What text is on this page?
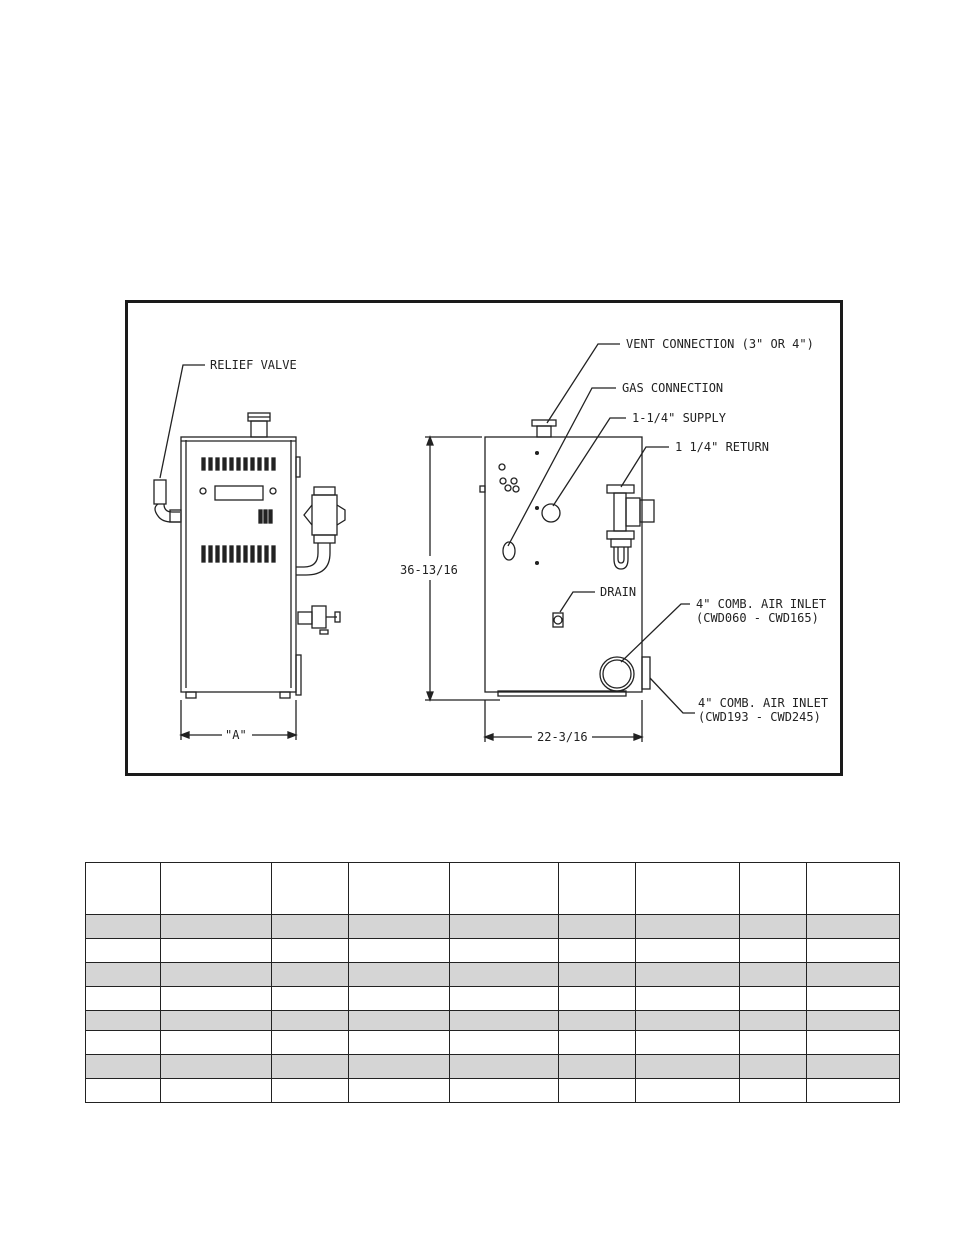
RELIEF VALVE
VENT CONNECTION (3" OR 4")
GAS CONNECTION
1-1/4" SUPPLY
1 1/4" RETURN
DRAIN
4" COMB. AIR INLET
(CWD060 - CWD165)
4" COMB. AIR INLET
(CWD193 - CWD245)
36-13/16
22-3/16
"A"
